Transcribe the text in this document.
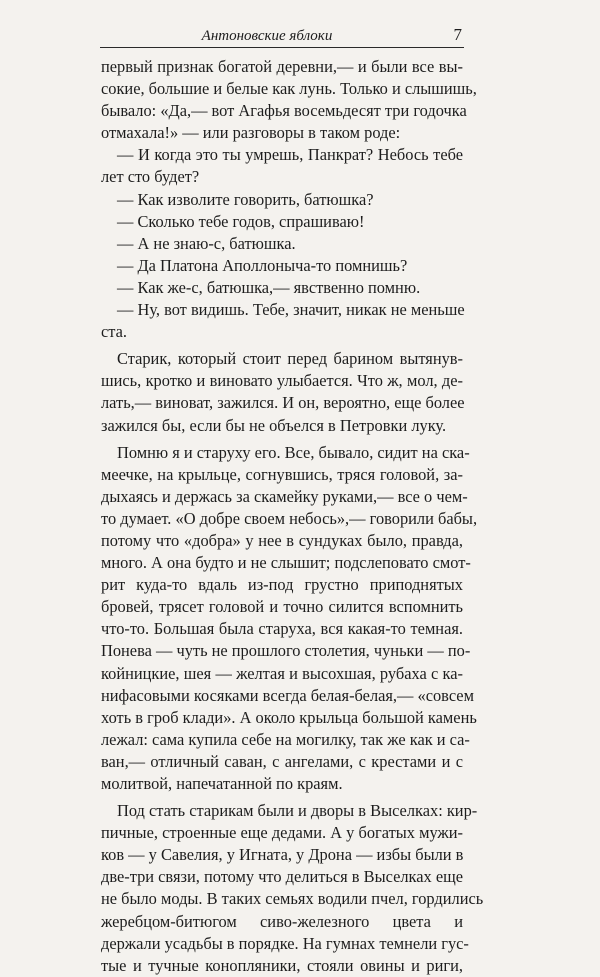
Антоновские яблоки	7

первый признак богатой деревни,— и были все вы-
сокие, большие и белые как лунь. Только и слышишь,
бывало: «Да,— вот Агафья восемьдесят три годочка
отмахала!» — или разговоры в таком роде:

— И когда это ты умрешь, Панкрат? Небось тебе
лет сто будет?

— Как изволите говорить, батюшка?

— Сколько тебе годов, спрашиваю!

— А не знаю-с, батюшка.

— Да Платона Аполлоныча-то помнишь?

— Как же-с, батюшка,— явственно помню.

— Ну, вот видишь. Тебе, значит, никак не меньше
ста.

Старик, который стоит перед барином вытянув-
шись, кротко и виновато улыбается. Что ж, мол, дe-
лать,— виноват, зажился. И он, вероятно, еще более
зажился бы, если бы не объелся в Петровки луку.

Помню я и старуху его. Все, бывало, сидит на ска-
меечке, на крыльце, согнувшись, тряся головой, за-
дыхаясь и держась за скамейку руками,— все о чем-
то думает. «О добре своем небось»,— говорили бабы,
потому что «добра» у нее в сундуках было, правда,
много. А она будто и не слышит; подслеповато смот-
рит куда-то вдаль из-под грустно приподнятых
бровей, трясет головой и точно силится вспомнить
что-то. Большая была старуха, вся какая-то темная.
Понева — чуть не прошлого столетия, чуньки — по-
койницкие, шея — желтая и высохшая, рубаха с ка-
нифасовыми косяками всегда белая-белая,— «совсем
хоть в гроб клади». А около крыльца большой камень
лежал: сама купила себе на могилку, так же как и са-
ван,— отличный саван, с ангелами, с крестами и с
молитвой, напечатанной по краям.

Под стать старикам были и дворы в Выселках: кир-
пичные, строенные еще дедами. А у богатых мужи-
ков — у Савелия, у Игната, у Дрона — избы были в
две-три связи, потому что делиться в Выселках еще
не было моды. В таких семьях водили пчел, гордились
жеребцом-битюгом сиво-железного цвета и
держали усадьбы в порядке. На гумнах темнели гус-
тые и тучные конопляники, стояли овины и риги,
